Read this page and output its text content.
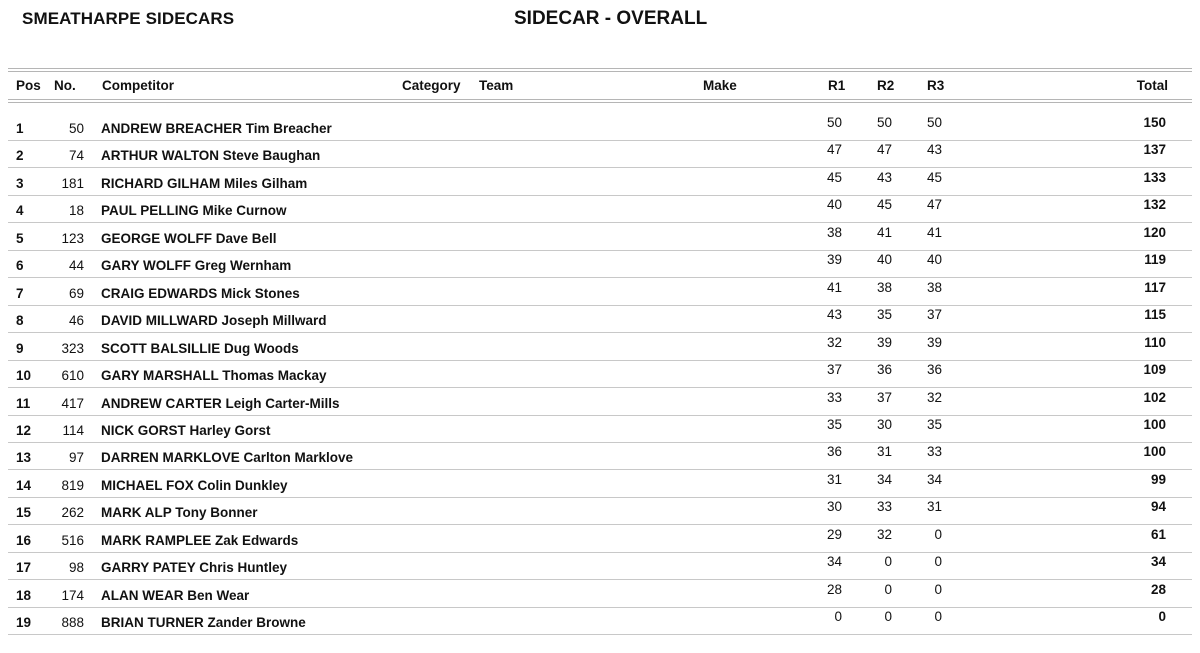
SMEATHARPE SIDECARS	SIDECAR - OVERALL
Pos No. Competitor	Category Team	Make	R1 R2 R3	Total
1	50 ANDREW BREACHER Tim Breacher	50	50	50	150
2	74 ARTHUR WALTON Steve Baughan	47	47	43	137
3	181 RICHARD GILHAM Miles Gilham	45	43	45	133
4	18 PAUL PELLING Mike Curnow	40	45	47	132
5	123 GEORGE WOLFF Dave Bell	38	41	41	120
6	44 GARY WOLFF Greg Wernham	39	40	40	119
7	69 CRAIG EDWARDS Mick Stones	41	38	38	117
8	46 DAVID MILLWARD Joseph Millward	43	35	37	115
9	323 SCOTT BALSILLIE Dug Woods	32	39	39	110
10	610 GARY MARSHALL Thomas Mackay	37	36	36	109
11	417 ANDREW CARTER Leigh Carter-Mills	33	37	32	102
12	114 NICK GORST Harley Gorst	35	30	35	100
13	97 DARREN MARKLOVE Carlton Marklove	36	31	33	100
14	819 MICHAEL FOX Colin Dunkley	31	34	34	99
15	262 MARK ALP Tony Bonner	30	33	31	94
16	516 MARK RAMPLEE Zak Edwards	29	32	0	61
17	98 GARRY PATEY Chris Huntley	34	0	0	34
18	174 ALAN WEAR Ben Wear	28	0	0	28
19	888 BRIAN TURNER Zander Browne	0	0	0	0
